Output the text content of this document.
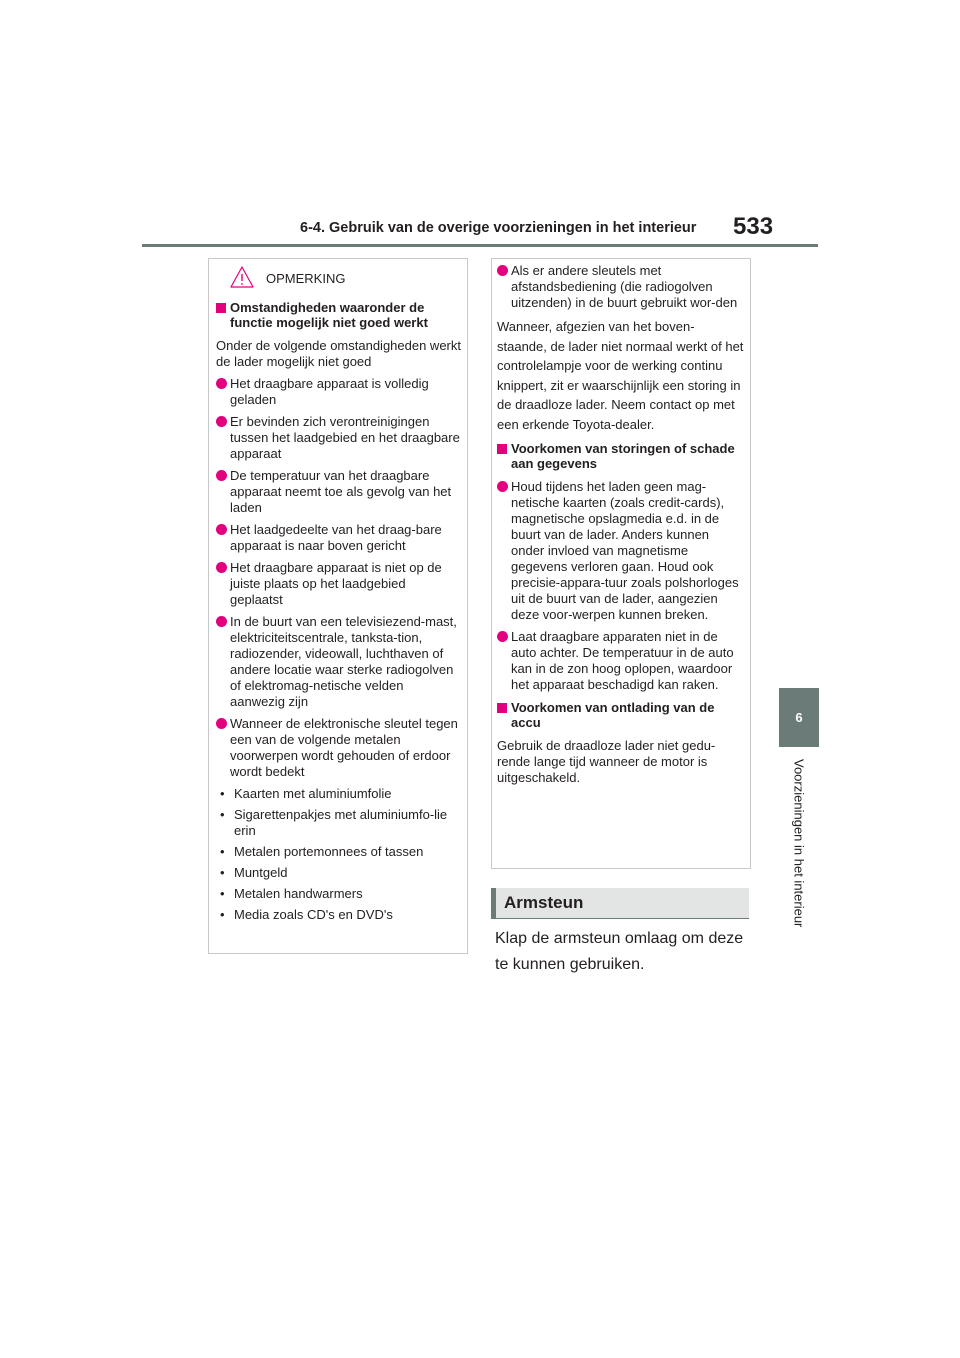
6-4. Gebruik van de overige voorzieningen in het interieur 533
6
Voorzieningen in het interieur
OPMERKING
Omstandigheden waaronder de functie mogelijk niet goed werkt
Onder de volgende omstandigheden werkt de lader mogelijk niet goed
Het draagbare apparaat is volledig geladen
Er bevinden zich verontreinigingen tussen het laadgebied en het draagbare apparaat
De temperatuur van het draagbare apparaat neemt toe als gevolg van het laden
Het laadgedeelte van het draag-bare apparaat is naar boven gericht
Het draagbare apparaat is niet op de juiste plaats op het laadgebied geplaatst
In de buurt van een televisiezend-mast, elektriciteitscentrale, tanksta-tion, radiozender, videowall, luchthaven of andere locatie waar sterke radiogolven of elektromag-netische velden aanwezig zijn
Wanneer de elektronische sleutel tegen een van de volgende metalen voorwerpen wordt gehouden of erdoor wordt bedekt
• Kaarten met aluminiumfolie
• Sigarettenpakjes met aluminiumfo-lie erin
• Metalen portemonnees of tassen
• Muntgeld
• Metalen handwarmers
• Media zoals CD's en DVD's
Als er andere sleutels met afstandsbediening (die radiogolven uitzenden) in de buurt gebruikt wor-den
Wanneer, afgezien van het boven-staande, de lader niet normaal werkt of het controlelampje voor de werking continu knippert, zit er waarschijnlijk een storing in de draadloze lader. Neem contact op met een erkende Toyota-dealer.
Voorkomen van storingen of schade aan gegevens
Houd tijdens het laden geen mag-netische kaarten (zoals credit-cards), magnetische opslagmedia e.d. in de buurt van de lader. Anders kunnen onder invloed van magnetisme gegevens verloren gaan. Houd ook precisie-appara-tuur zoals polshorloges uit de buurt van de lader, aangezien deze voor-werpen kunnen breken.
Laat draagbare apparaten niet in de auto achter. De temperatuur in de auto kan in de zon hoog oplopen, waardoor het apparaat beschadigd kan raken.
Voorkomen van ontlading van de accu
Gebruik de draadloze lader niet gedu-rende lange tijd wanneer de motor is uitgeschakeld.
Armsteun
Klap de armsteun omlaag om deze te kunnen gebruiken.
